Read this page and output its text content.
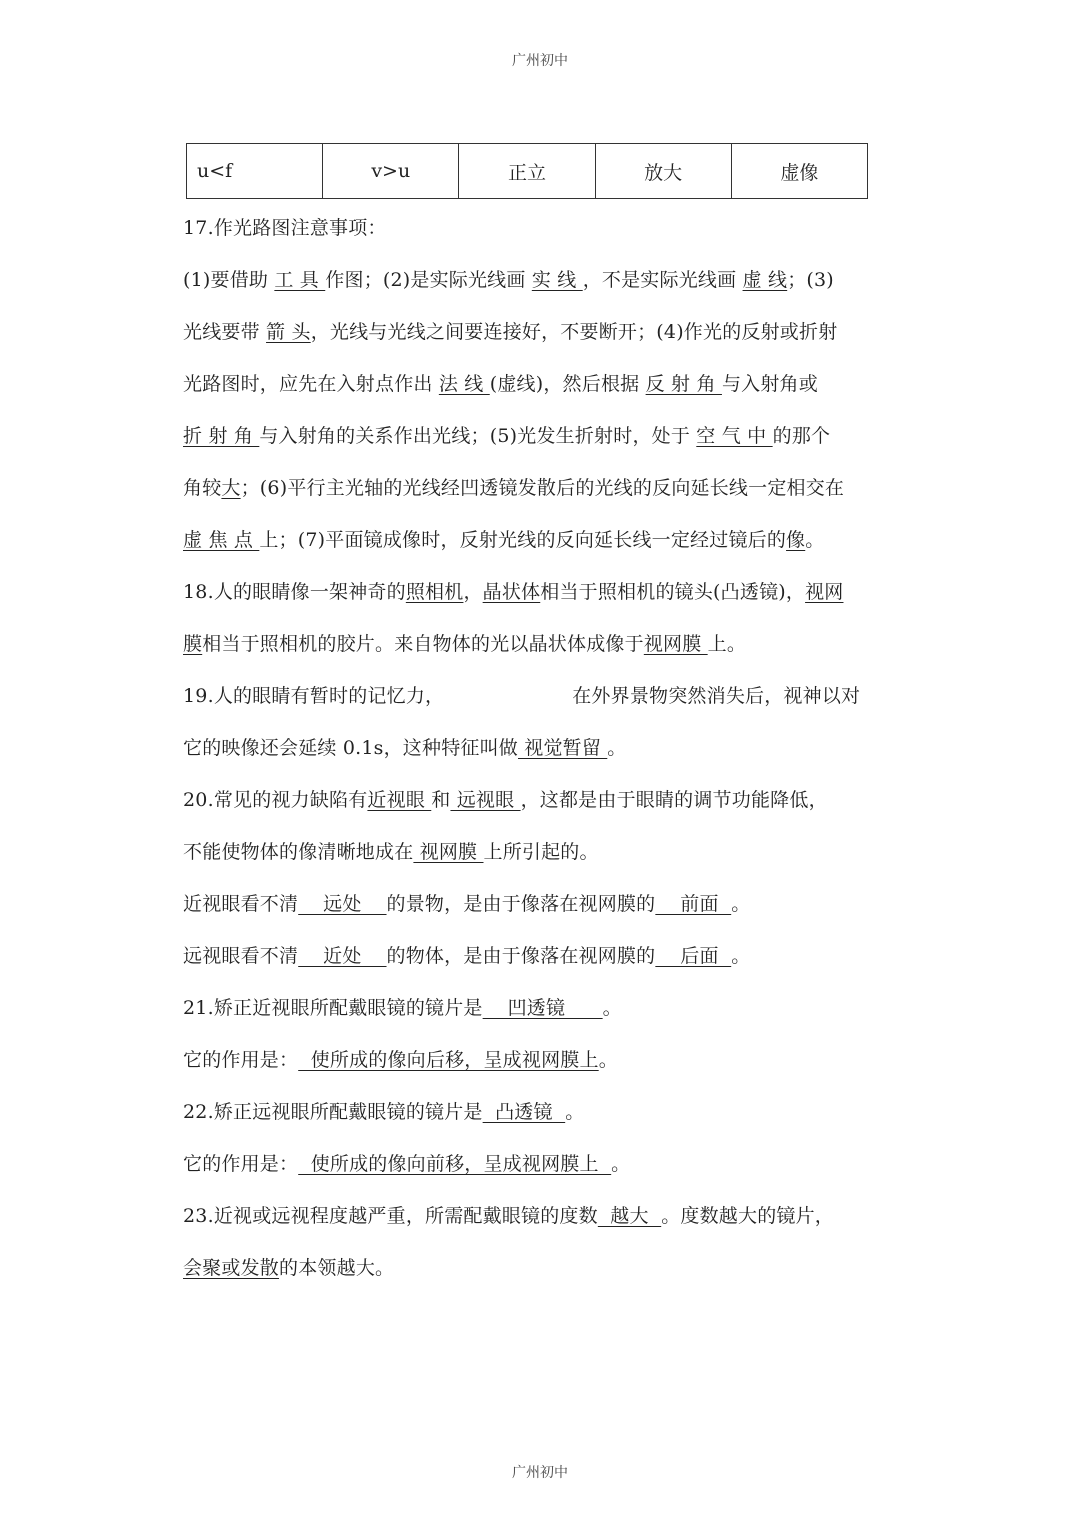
广州初中
u<f	v>u	正立	放大	虚像
17.作光路图注意事项：
(1)要借助 工 具 作图；(2)是实际光线画 实 线 ，不是实际光线画 虚 线；(3)
光线要带 箭 头，光线与光线之间要连接好，不要断开；(4)作光的反射或折射
光路图时，应先在入射点作出 法 线 (虚线)，然后根据 反 射 角 与入射角或
折 射 角 与入射角的关系作出光线；(5)光发生折射时，处于 空 气 中 的那个
角较大；(6)平行主光轴的光线经凹透镜发散后的光线的反向延长线一定相交在
虚 焦 点 上；(7)平面镜成像时，反射光线的反向延长线一定经过镜后的像。
18.人的眼睛像一架神奇的照相机，晶状体相当于照相机的镜头(凸透镜)，视网
膜相当于照相机的胶片。来自物体的光以晶状体成像于视网膜 上。
19.人的眼睛有暂时的记忆力，	在外界景物突然消失后，视神以对
它的映像还会延续 0.1s，这种特征叫做 视觉暂留 。
20.常见的视力缺陷有近视眼 和 远视眼 ，这都是由于眼睛的调节功能降低，
不能使物体的像清晰地成在 视网膜 上所引起的。
近视眼看不清    远处    的景物，是由于像落在视网膜的    前面  。
远视眼看不清    近处    的物体，是由于像落在视网膜的    后面  。
21.矫正近视眼所配戴眼镜的镜片是    凹透镜      。
它的作用是：  使所成的像向后移，呈成视网膜上。
22.矫正远视眼所配戴眼镜的镜片是  凸透镜  。
它的作用是：  使所成的像向前移，呈成视网膜上  。
23.近视或远视程度越严重，所需配戴眼镜的度数  越大  。度数越大的镜片，
会聚或发散的本领越大。
广州初中
